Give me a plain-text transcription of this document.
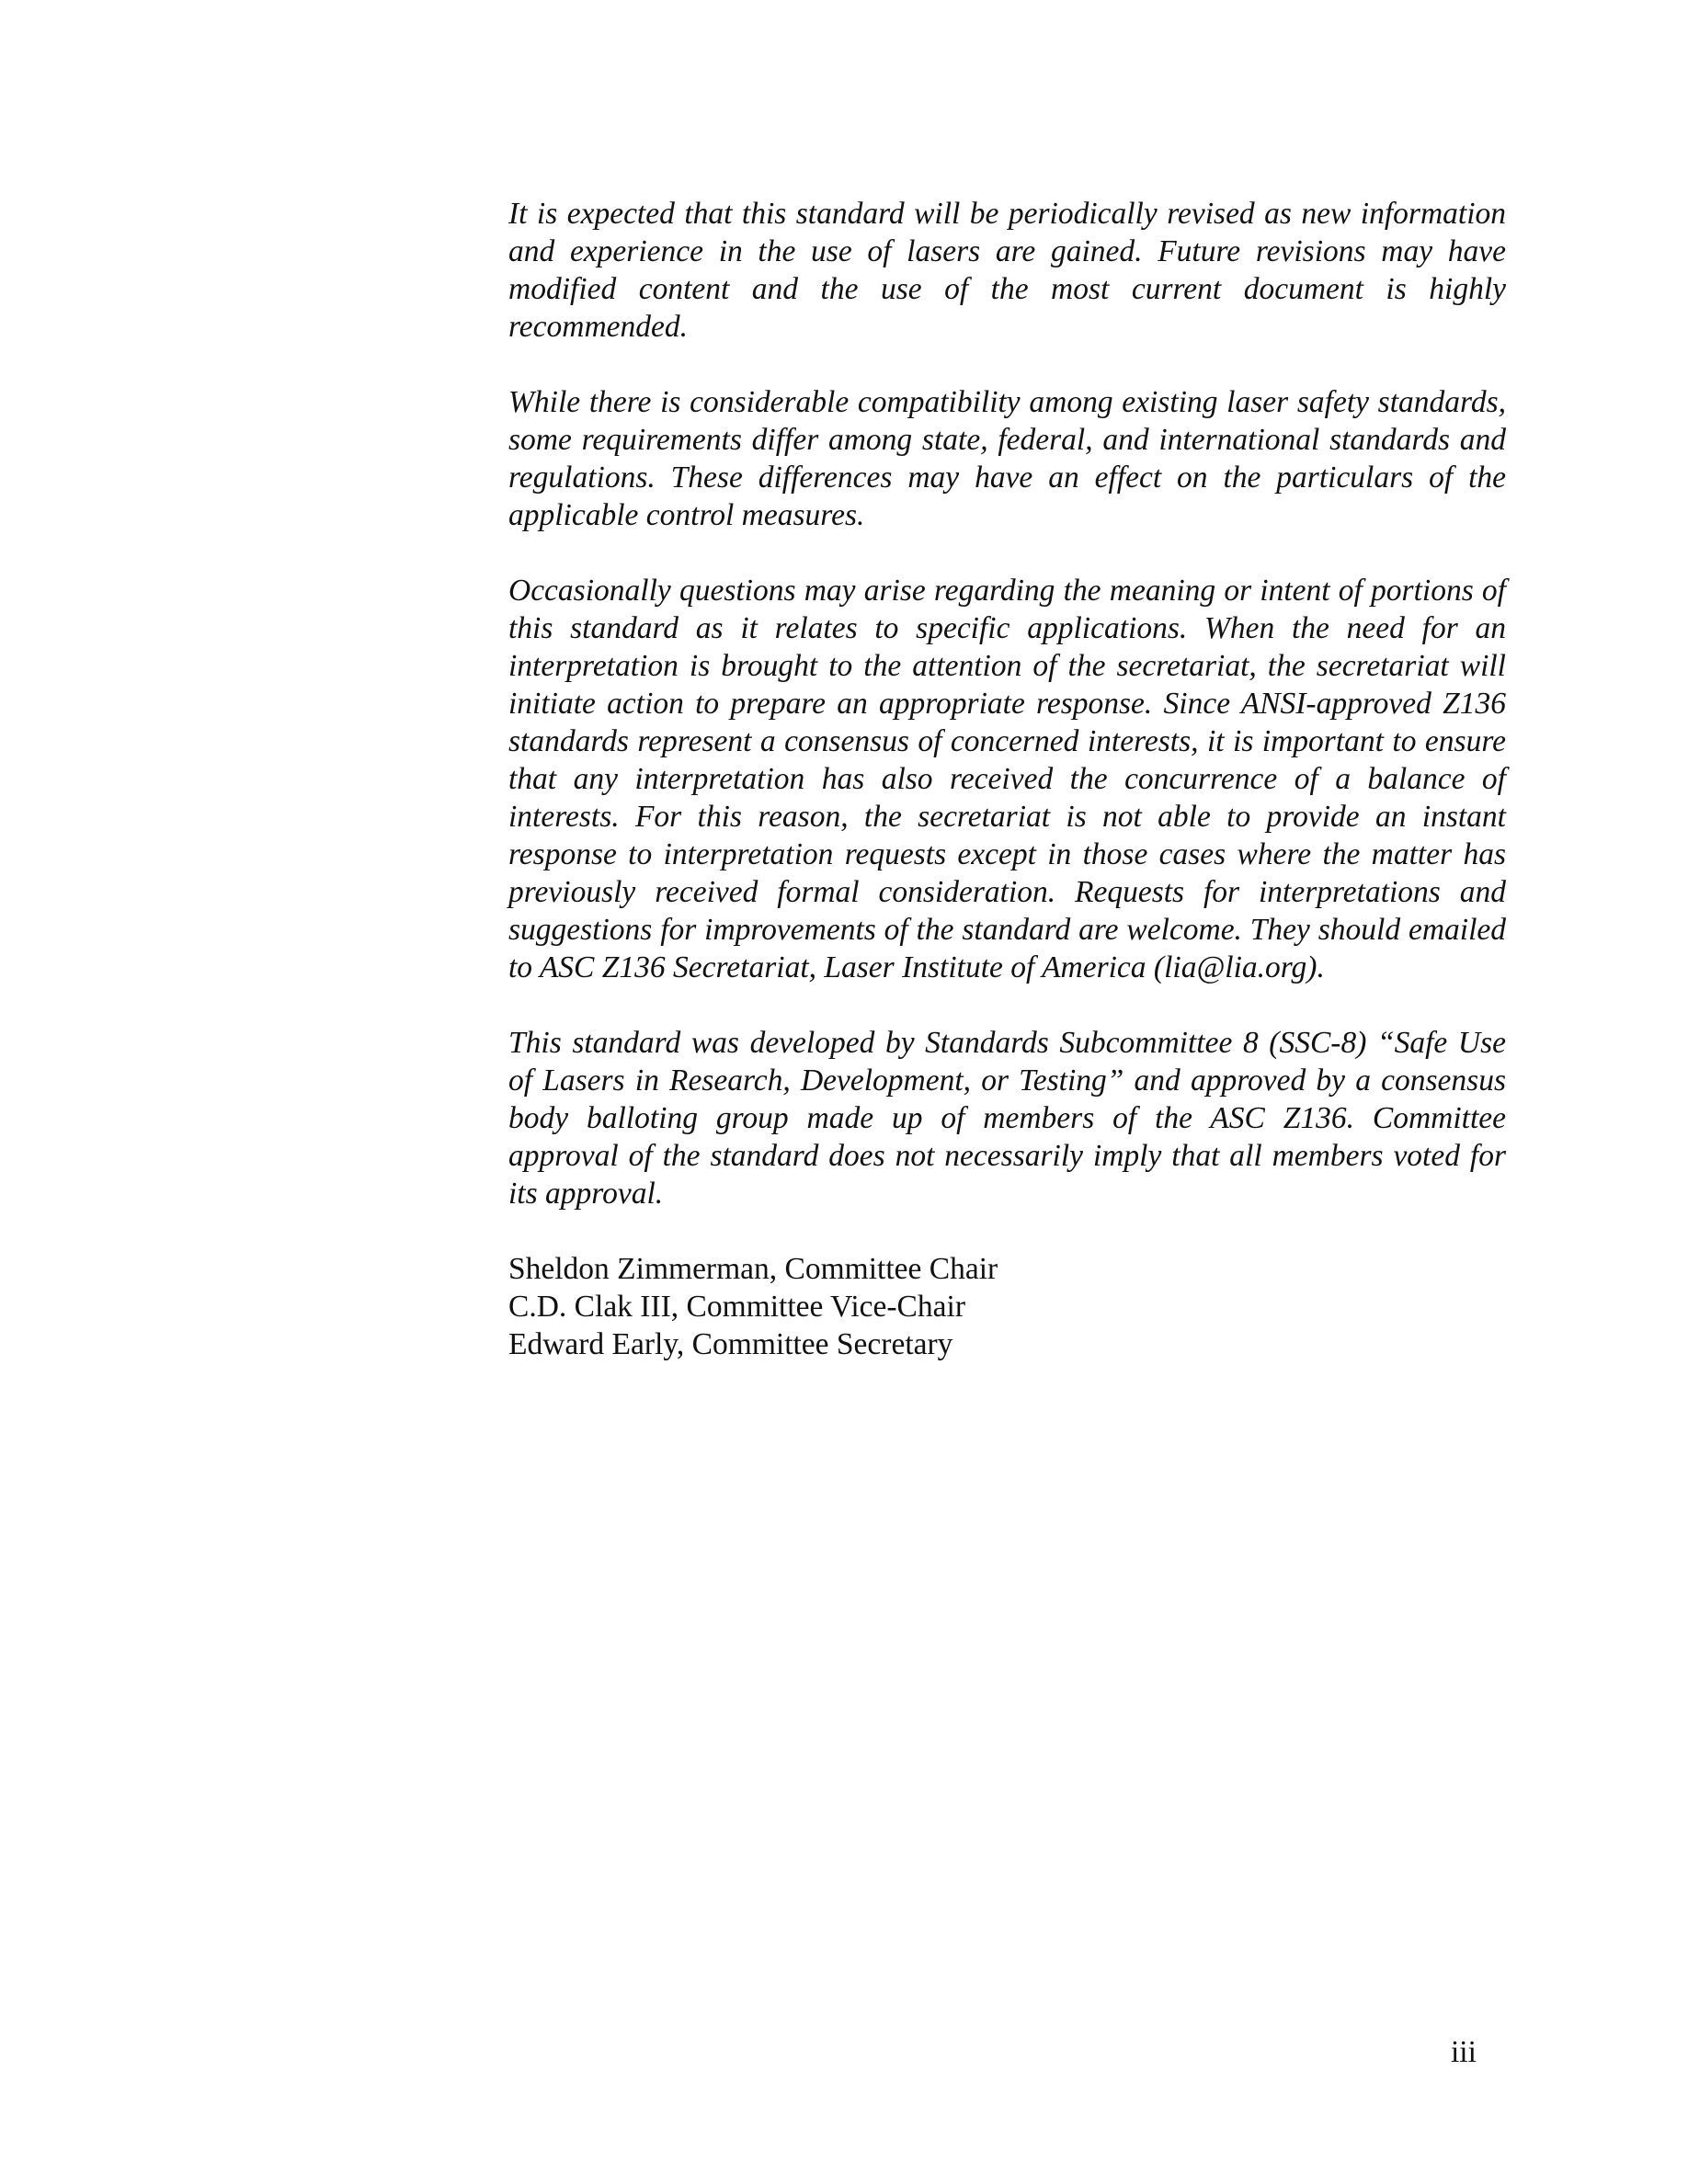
It is expected that this standard will be periodically revised as new information and experience in the use of lasers are gained. Future revisions may have modified content and the use of the most current document is highly recommended.

While there is considerable compatibility among existing laser safety standards, some requirements differ among state, federal, and international standards and regulations. These differences may have an effect on the particulars of the applicable control measures.

Occasionally questions may arise regarding the meaning or intent of portions of this standard as it relates to specific applications. When the need for an interpretation is brought to the attention of the secretariat, the secretariat will initiate action to prepare an appropriate response. Since ANSI-approved Z136 standards represent a consensus of concerned interests, it is important to ensure that any interpretation has also received the concurrence of a balance of interests. For this reason, the secretariat is not able to provide an instant response to interpretation requests except in those cases where the matter has previously received formal consideration. Requests for interpretations and suggestions for improvements of the standard are welcome. They should emailed to ASC Z136 Secretariat, Laser Institute of America (lia@lia.org).

This standard was developed by Standards Subcommittee 8 (SSC-8) “Safe Use of Lasers in Research, Development, or Testing” and approved by a consensus body balloting group made up of members of the ASC Z136. Committee approval of the standard does not necessarily imply that all members voted for its approval.

Sheldon Zimmerman, Committee Chair
C.D. Clak III, Committee Vice-Chair
Edward Early, Committee Secretary
iii
